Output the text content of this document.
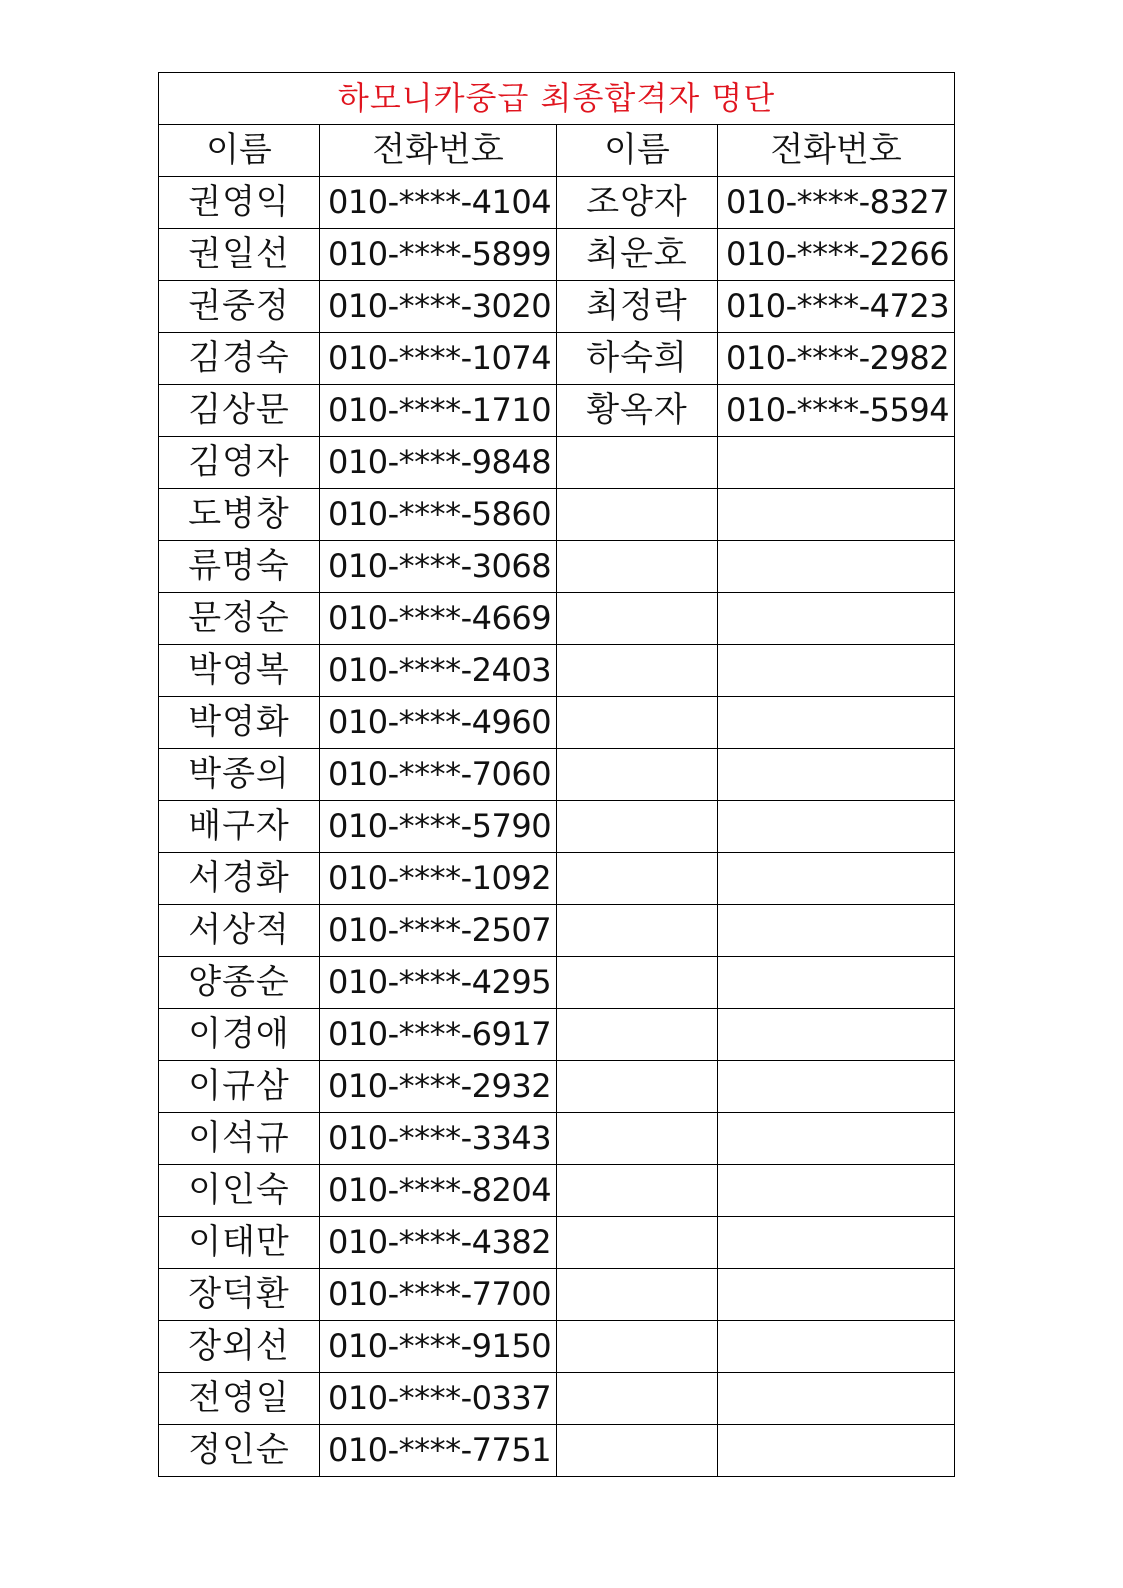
하모니카중급 최종합격자 명단			
이름	전화번호	이름	전화번호
권영익	010-****-4104	조양자	010-****-8327
권일선	010-****-5899	최운호	010-****-2266
권중정	010-****-3020	최정락	010-****-4723
김경숙	010-****-1074	하숙희	010-****-2982
김상문	010-****-1710	황옥자	010-****-5594
김영자	010-****-9848		
도병창	010-****-5860		
류명숙	010-****-3068		
문정순	010-****-4669		
박영복	010-****-2403		
박영화	010-****-4960		
박종의	010-****-7060		
배구자	010-****-5790		
서경화	010-****-1092		
서상적	010-****-2507		
양종순	010-****-4295		
이경애	010-****-6917		
이규삼	010-****-2932		
이석규	010-****-3343		
이인숙	010-****-8204		
이태만	010-****-4382		
장덕환	010-****-7700		
장외선	010-****-9150		
전영일	010-****-0337		
정인순	010-****-7751		
